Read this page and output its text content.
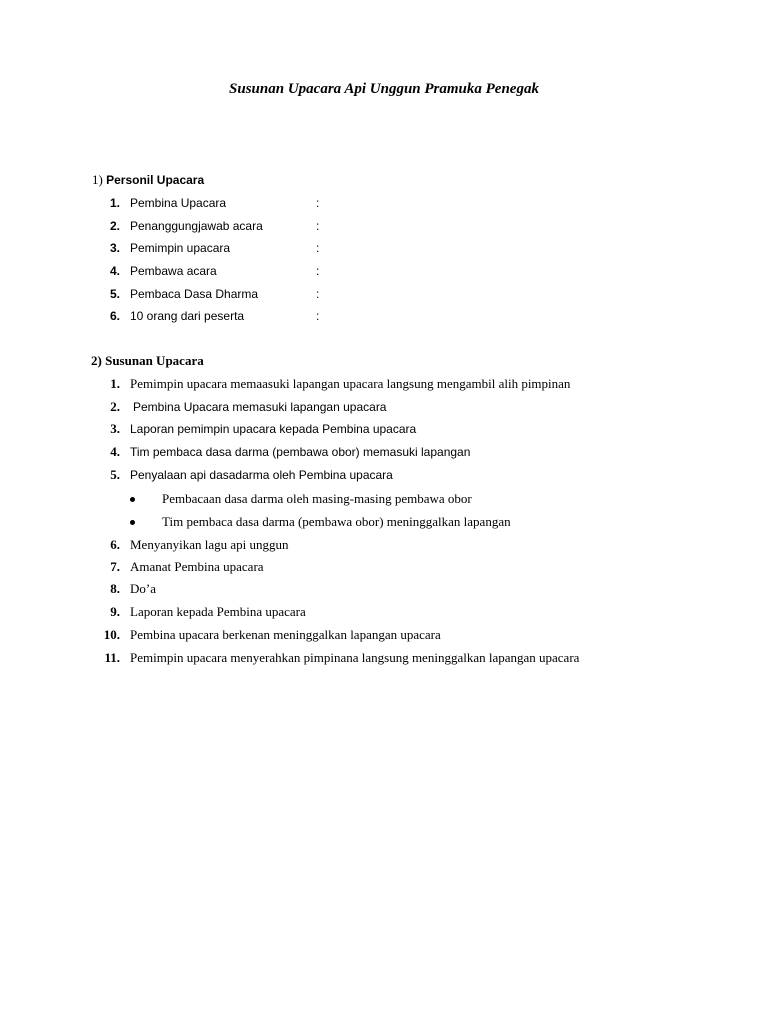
Susunan Upacara Api Unggun Pramuka Penegak
1) Personil Upacara
1. Pembina Upacara	:
2. Penanggungjawab acara	:
3. Pemimpin upacara	:
4. Pembawa acara	:
5. Pembaca Dasa Dharma	:
6. 10 orang dari peserta	:
2) Susunan Upacara
1. Pemimpin upacara memaasuki lapangan upacara langsung mengambil alih pimpinan
2. Pembina Upacara memasuki lapangan upacara
3. Laporan pemimpin upacara kepada Pembina upacara
4. Tim pembaca dasa darma (pembawa obor) memasuki lapangan
5. Penyalaan api dasadarma oleh Pembina upacara
Pembacaan dasa darma oleh masing-masing pembawa obor
Tim pembaca dasa darma (pembawa obor) meninggalkan lapangan
6. Menyanyikan lagu api unggun
7. Amanat Pembina upacara
8. Do’a
9. Laporan kepada Pembina upacara
10. Pembina upacara berkenan meninggalkan lapangan upacara
11. Pemimpin upacara menyerahkan pimpinana langsung meninggalkan lapangan upacara
